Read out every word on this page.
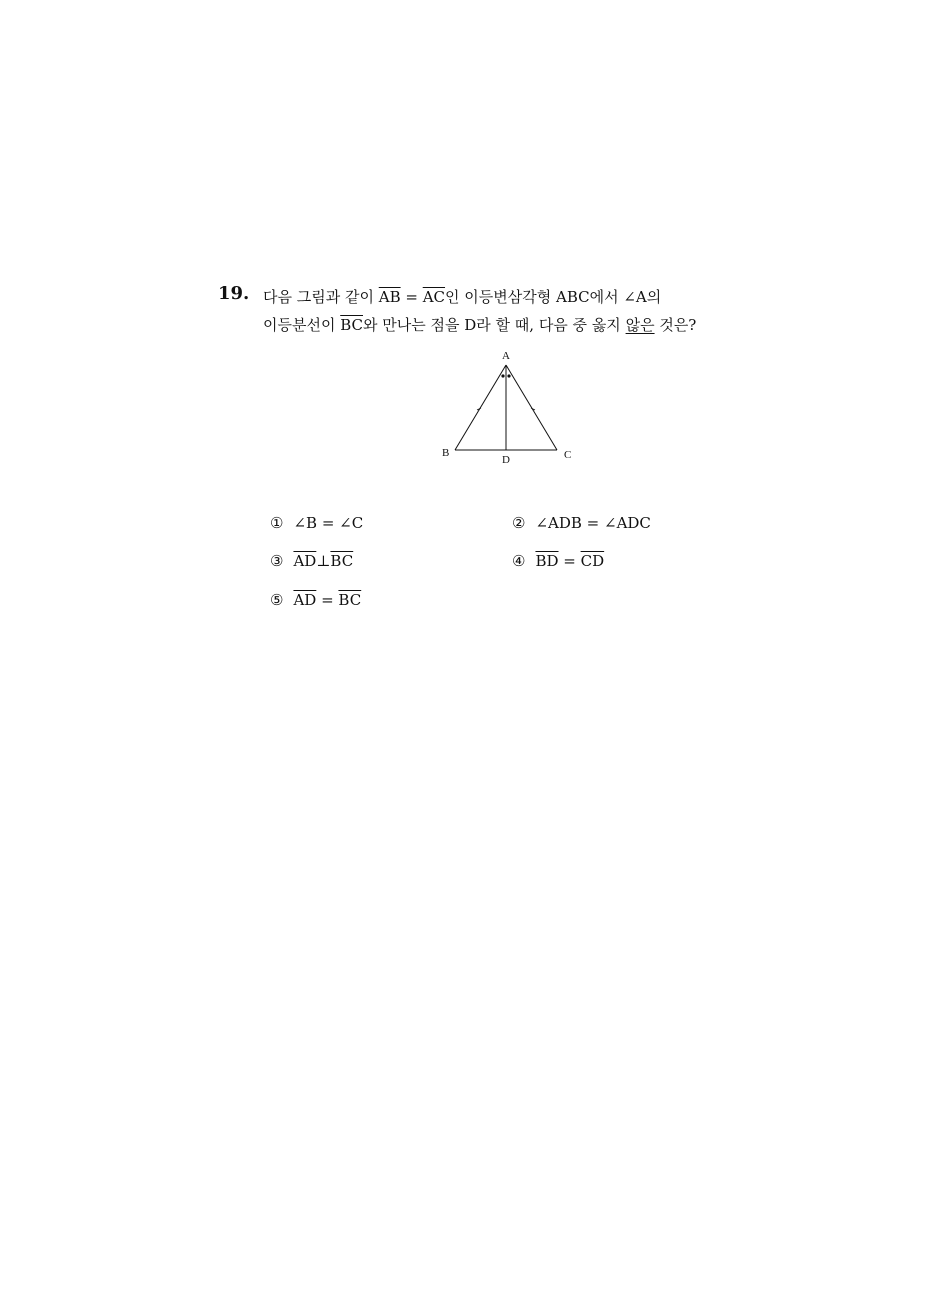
19. 다음 그림과 같이 $\overline{AB} = \overline{AC}$인 이등변삼각형 ABC에서 ∠A의
이등분선이 $\overline{BC}$와 만나는 점을 D라 할 때, 다음 중 옳지 않은 것은?
A
B	C
D
① ∠B = ∠C	② ∠ADB = ∠ADC
③ $\overline{AD}\perp\overline{BC}$	④ $\overline{BD} = \overline{CD}$
⑤ $\overline{AD} = \overline{BC}$
